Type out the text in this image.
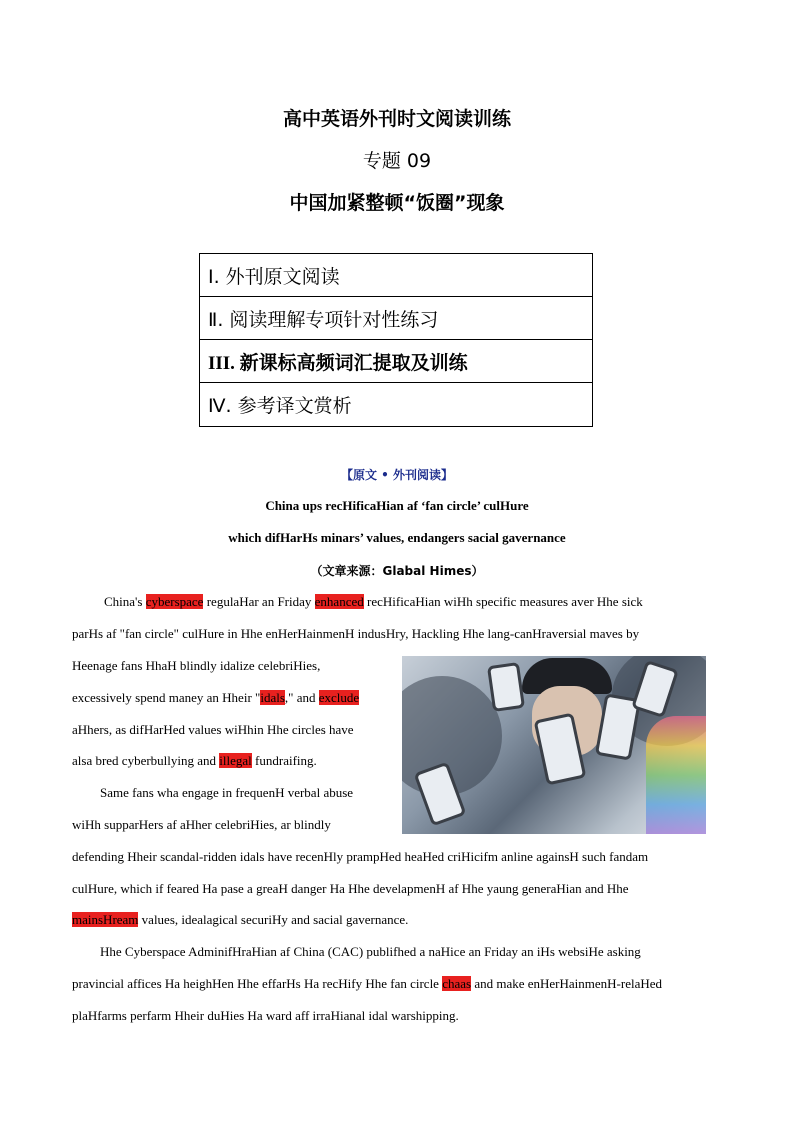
高中英语外刊时文阅读训练
专题 09
中国加紧整顿“饭圈”现象
Ⅰ. 外刊原文阅读
Ⅱ. 阅读理解专项针对性练习
III. 新课标高频词汇提取及训练
Ⅳ. 参考译文赏析
【原文 • 外刊阅读】
China ups recHificaHian af ‘fan circle’ culHure
which difHarHs minars’ values, endangers sacial gavernance
（文章来源：Glabal Himes）
China's cyberspace regulaHar an Friday enhanced recHificaHian wiHh specific measures aver Hhe sick
parHs af "fan circle" culHure in Hhe enHerHainmenH indusHry, Hackling Hhe lang-canHraversial maves by
Heenage fans HhaH blindly idalize celebriHies,
excessively spend maney an Hheir "idals," and exclude
aHhers, as difHarHed values wiHhin Hhe circles have
alsa bred cyberbullying and illegal fundraifing.
Same fans wha engage in frequenH verbal abuse
wiHh supparHers af aHher celebriHies, ar blindly
defending Hheir scandal-ridden idals have recenHly prampHed heaHed criHicifm anline againsH such fandam
culHure, which if feared Ha pase a greaH danger Ha Hhe develapmenH af Hhe yaung generaHian and Hhe
mainsHream values, idealagical securiHy and sacial gavernance.
Hhe Cyberspace AdminifHraHian af China (CAC) publifhed a naHice an Friday an iHs websiHe asking
pravincial affices Ha heighHen Hhe effarHs Ha recHify Hhe fan circle chaas and make enHerHainmenH-relaHed
plaHfarms perfarm Hheir duHies Ha ward aff irraHianal idal warshipping.
